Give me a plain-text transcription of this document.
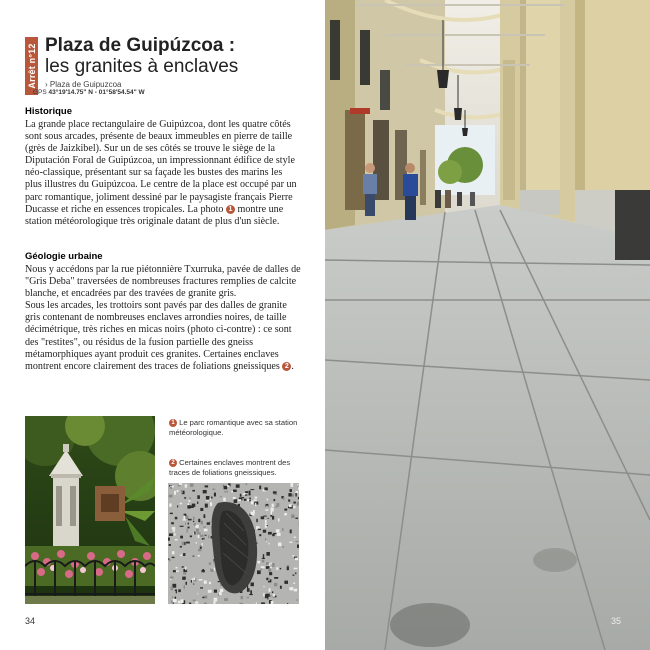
Arrêt n°12 Plaza de Guipúzcoa :
les granites à enclaves
› Plaza de Guipuzcoa
GPS 43°19'14.75" N - 01°58'54.54" W
Historique

La grande place rectangulaire de Guipúzcoa, dont les quatre côtés sont sous arcades, présente de beaux immeubles en pierre de taille (grès de Jaizkibel). Sur un de ses côtés se trouve le siège de la Diputación Foral de Guipúzcoa, un impressionnant édifice de style néo-classique, présentant sur sa façade les bustes des marins les plus illustres du Guipúzcoa. Le centre de la place est occupé par un parc romantique, joliment dessiné par le paysagiste français Pierre Ducasse et riche en essences tropicales. La photo 1 montre une station météorologique très originale datant de plus d'un siècle.

Géologie urbaine

Nous y accédons par la rue piétonnière Txurruka, pavée de dalles de "Gris Deba" traversées de nombreuses fractures remplies de calcite blanche, et encadrées par des travées de granite gris.

Sous les arcades, les trottoirs sont pavés par des dalles de granite gris contenant de nombreuses enclaves arrondies noires, de taille décimétrique, très riches en micas noirs (photo ci-contre) : ce sont des "restites", ou résidus de la fusion partielle des gneiss métamorphiques ayant produit ces granites. Certaines enclaves montrent encore clairement des traces de foliations gneissiques 2 .

1 Le parc romantique avec sa station météorologique.
2 Certaines enclaves montrent des traces de foliations gneissiques.
34	35
